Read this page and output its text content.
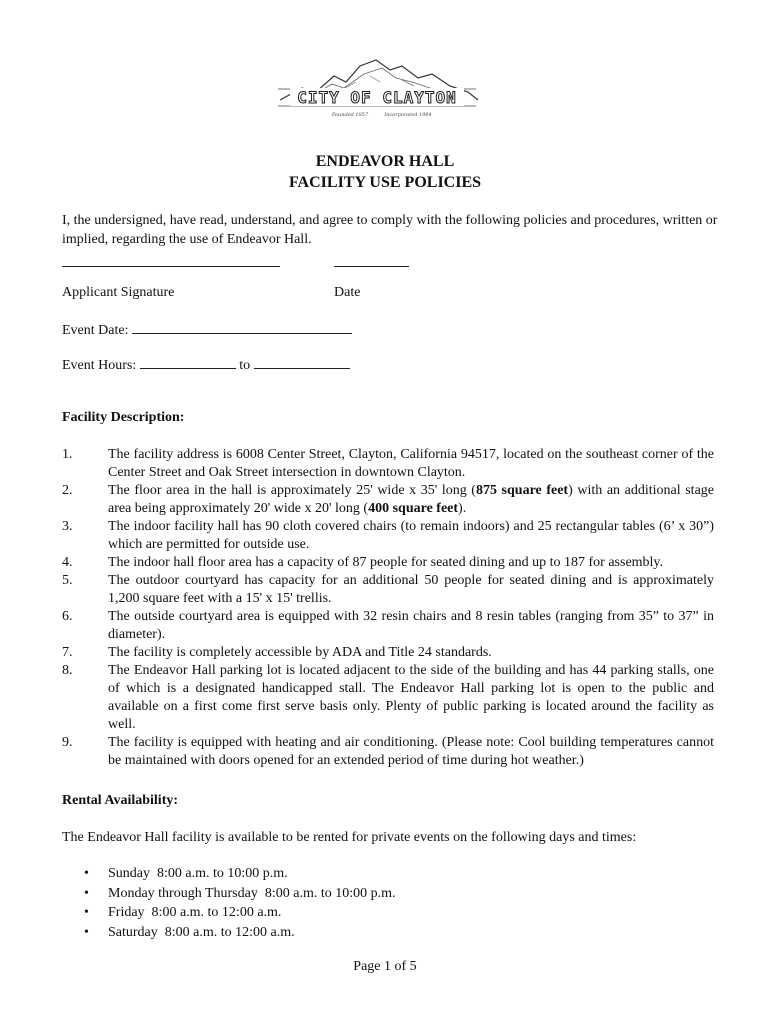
CITY OF CLAYTON
Founded 1857	Incorporated 1964
ENDEAVOR HALL
FACILITY USE POLICIES
I, the undersigned, have read, understand, and agree to comply with the following policies and procedures, written or implied, regarding the use of Endeavor Hall.
Applicant Signature	Date
Event Date:
Event Hours:	to
Facility Description:
1.	The facility address is 6008 Center Street, Clayton, California 94517, located on the southeast corner of the Center Street and Oak Street intersection in downtown Clayton.
2.	The floor area in the hall is approximately 25' wide x 35' long (875 square feet) with an additional stage area being approximately 20' wide x 20' long (400 square feet).
3.	The indoor facility hall has 90 cloth covered chairs (to remain indoors) and 25 rectangular tables (6’ x 30”) which are permitted for outside use.
4.	The indoor hall floor area has a capacity of 87 people for seated dining and up to 187 for assembly.
5.	The outdoor courtyard has capacity for an additional 50 people for seated dining and is approximately 1,200 square feet with a 15' x 15' trellis.
6.	The outside courtyard area is equipped with 32 resin chairs and 8 resin tables (ranging from 35” to 37” in diameter).
7.	The facility is completely accessible by ADA and Title 24 standards.
8.	The Endeavor Hall parking lot is located adjacent to the side of the building and has 44 parking stalls, one of which is a designated handicapped stall. The Endeavor Hall parking lot is open to the public and available on a first come first serve basis only. Plenty of public parking is located around the facility as well.
9.	The facility is equipped with heating and air conditioning. (Please note: Cool building temperatures cannot be maintained with doors opened for an extended period of time during hot weather.)
Rental Availability:
The Endeavor Hall facility is available to be rented for private events on the following days and times:
•	Sunday  8:00 a.m. to 10:00 p.m.
•	Monday through Thursday  8:00 a.m. to 10:00 p.m.
•	Friday  8:00 a.m. to 12:00 a.m.
•	Saturday  8:00 a.m. to 12:00 a.m.
Page 1 of 5
